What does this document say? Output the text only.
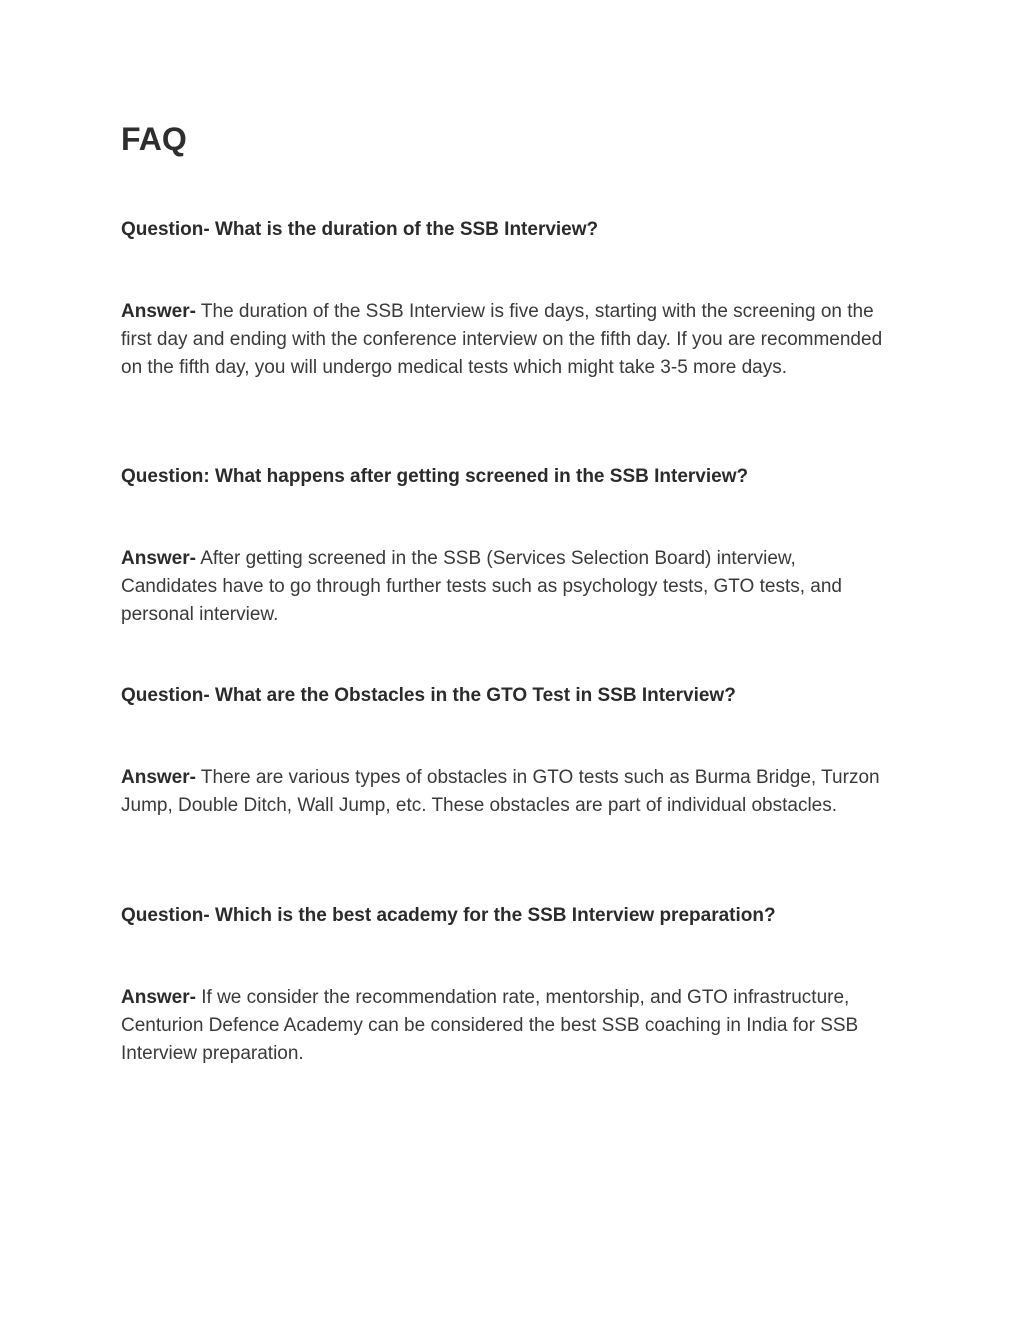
FAQ

Question- What is the duration of the SSB Interview?

Answer- The duration of the SSB Interview is five days, starting with the screening on the first day and ending with the conference interview on the fifth day. If you are recommended on the fifth day, you will undergo medical tests which might take 3-5 more days.

Question: What happens after getting screened in the SSB Interview?

Answer- After getting screened in the SSB (Services Selection Board) interview, Candidates have to go through further tests such as psychology tests, GTO tests, and personal interview.

Question- What are the Obstacles in the GTO Test in SSB Interview?

Answer- There are various types of obstacles in GTO tests such as Burma Bridge, Turzon Jump, Double Ditch, Wall Jump, etc. These obstacles are part of individual obstacles.

Question- Which is the best academy for the SSB Interview preparation?

Answer- If we consider the recommendation rate, mentorship, and GTO infrastructure, Centurion Defence Academy can be considered the best SSB coaching in India for SSB Interview preparation.
